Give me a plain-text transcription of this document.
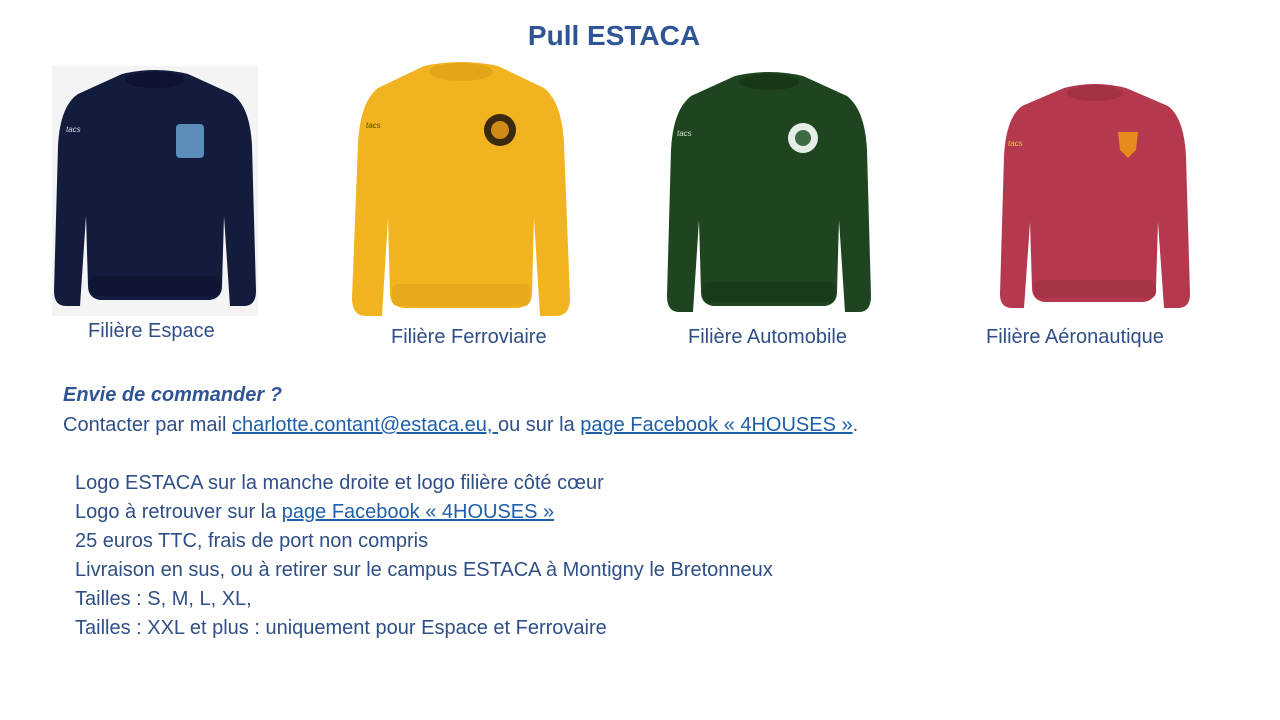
Pull ESTACA
tacs
Filière Espace
tacs
Filière Ferroviaire
tacs
Filière Automobile
tacs
Filière Aéronautique
Envie de commander ?
Contacter par mail charlotte.contant@estaca.eu, ou sur la page Facebook « 4HOUSES ».
Logo ESTACA sur la manche droite et logo filière côté cœur
Logo à retrouver sur la page Facebook « 4HOUSES »
25 euros TTC, frais de port non compris
Livraison en sus, ou à retirer sur le campus ESTACA à Montigny le Bretonneux
Tailles : S, M, L, XL,
Tailles : XXL et plus : uniquement pour Espace et Ferrovaire
